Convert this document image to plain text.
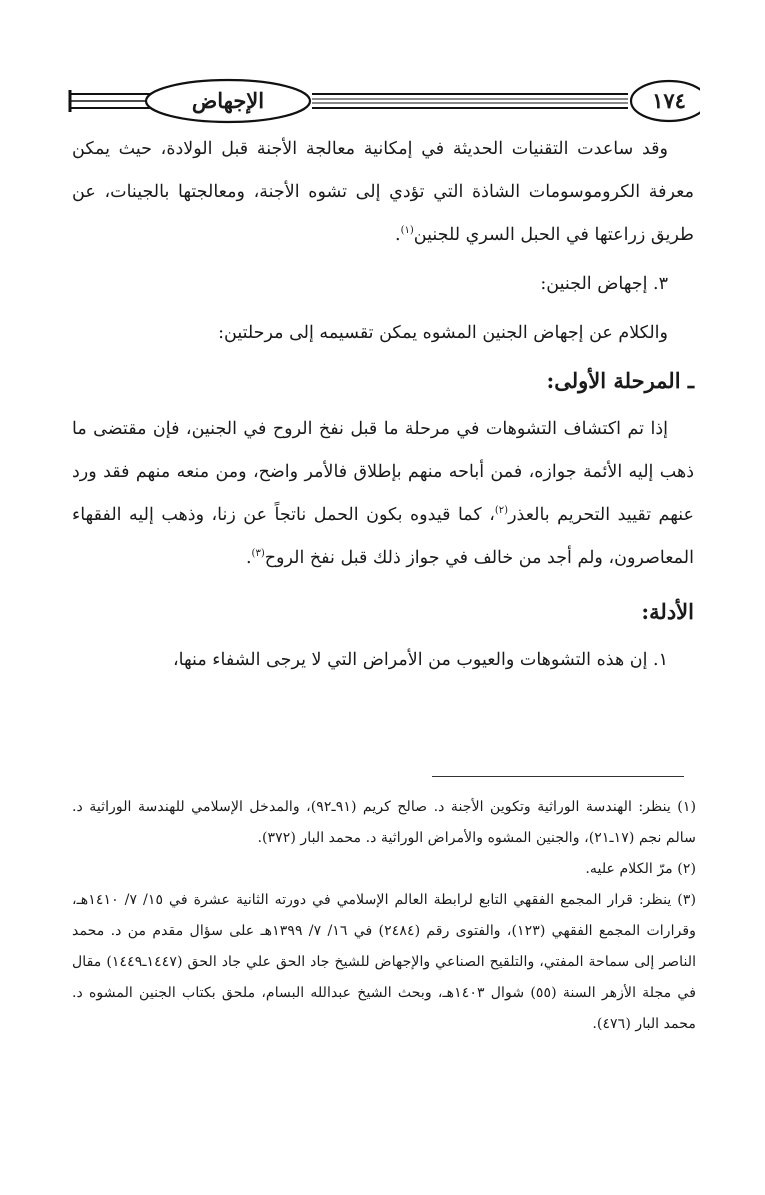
الإجهاض	١٧٤

وقد ساعدت التقنيات الحديثة في إمكانية معالجة الأجنة قبل الولادة، حيث يمكن معرفة الكروموسومات الشاذة التي تؤدي إلى تشوه الأجنة، ومعالجتها بالجينات، عن طريق زراعتها في الحبل السري للجنين$^{(١)}$.

٣. إجهاض الجنين:

والكلام عن إجهاض الجنين المشوه يمكن تقسيمه إلى مرحلتين:

ـ المرحلة الأولى:

إذا تم اكتشاف التشوهات في مرحلة ما قبل نفخ الروح في الجنين، فإن مقتضى ما ذهب إليه الأئمة جوازه، فمن أباحه منهم بإطلاق فالأمر واضح، ومن منعه منهم فقد ورد عنهم تقييد التحريم بالعذر$^{(٢)}$، كما قيدوه بكون الحمل ناتجاً عن زنا، وذهب إليه الفقهاء المعاصرون، ولم أجد من خالف في جواز ذلك قبل نفخ الروح$^{(٣)}$.

الأدلة:

١. إن هذه التشوهات والعيوب من الأمراض التي لا يرجى الشفاء منها،

(١) ينظر: الهندسة الوراثية وتكوين الأجنة د. صالح كريم (٩١ـ٩٢)، والمدخل الإسلامي للهندسة الوراثية د. سالم نجم (١٧ـ٢١)، والجنين المشوه والأمراض الوراثية د. محمد البار (٣٧٢).

(٢) مرّ الكلام عليه.

(٣) ينظر: قرار المجمع الفقهي التابع لرابطة العالم الإسلامي في دورته الثانية عشرة في ١٥/ ٧/ ١٤١٠هـ، وقرارات المجمع الفقهي (١٢٣)، والفتوى رقم (٢٤٨٤) في ١٦/ ٧/ ١٣٩٩هـ على سؤال مقدم من د. محمد الناصر إلى سماحة المفتي، والتلقيح الصناعي والإجهاض للشيخ جاد الحق علي جاد الحق (١٤٤٧ـ١٤٤٩) مقال في مجلة الأزهر السنة (٥٥) شوال ١٤٠٣هـ، وبحث الشيخ عبدالله البسام، ملحق بكتاب الجنين المشوه د. محمد البار (٤٧٦).
